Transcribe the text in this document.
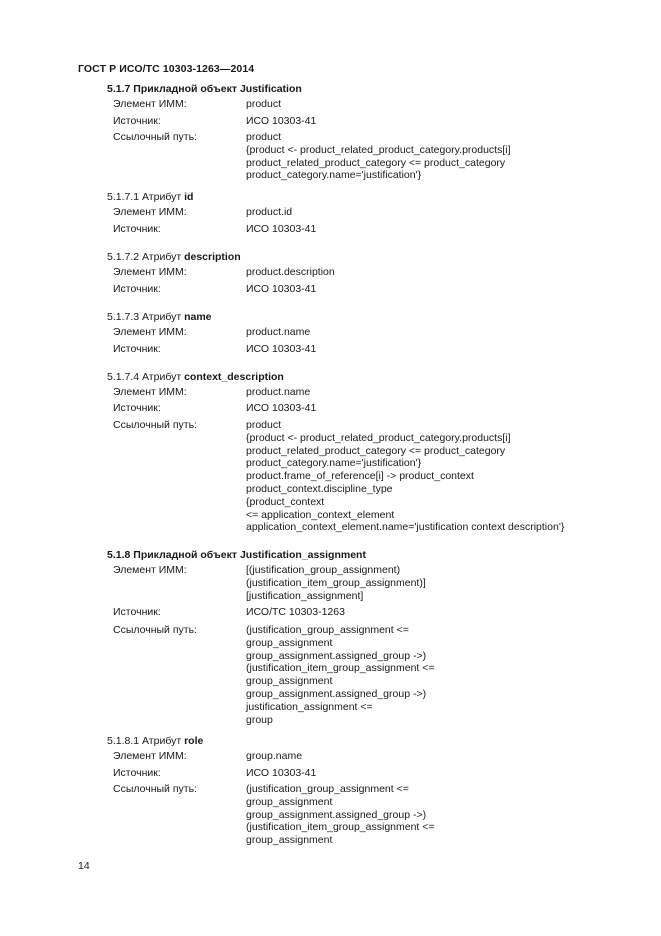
ГОСТ Р ИСО/ТС 10303-1263—2014
5.1.7 Прикладной объект Justification
Элемент ИММ:	product
Источник:	ИСО 10303-41
Ссылочный путь:	product
{product <- product_related_product_category.products[i]
product_related_product_category <= product_category
product_category.name='justification'}
5.1.7.1 Атрибут id
Элемент ИММ:	product.id
Источник:	ИСО 10303-41
5.1.7.2 Атрибут description
Элемент ИММ:	product.description
Источник:	ИСО 10303-41
5.1.7.3 Атрибут name
Элемент ИММ:	product.name
Источник:	ИСО 10303-41
5.1.7.4 Атрибут context_description
Элемент ИММ:	product.name
Источник:	ИСО 10303-41
Ссылочный путь:	product
{product <- product_related_product_category.products[i]
product_related_product_category <= product_category
product_category.name='justification'}
product.frame_of_reference[i] -> product_context
product_context.discipline_type
{product_context
<= application_context_element
application_context_element.name='justification context description'}
5.1.8 Прикладной объект Justification_assignment
Элемент ИММ:	[(justification_group_assignment)
(justification_item_group_assignment)]
[justification_assignment]
Источник:	ИСО/ТС 10303-1263
Ссылочный путь:	(justification_group_assignment <=
group_assignment
group_assignment.assigned_group ->)
(justification_item_group_assignment <=
group_assignment
group_assignment.assigned_group ->)
justification_assignment <=
group
5.1.8.1 Атрибут role
Элемент ИММ:	group.name
Источник:	ИСО 10303-41
Ссылочный путь:	(justification_group_assignment <=
group_assignment
group_assignment.assigned_group ->)
(justification_item_group_assignment <=
group_assignment
14
